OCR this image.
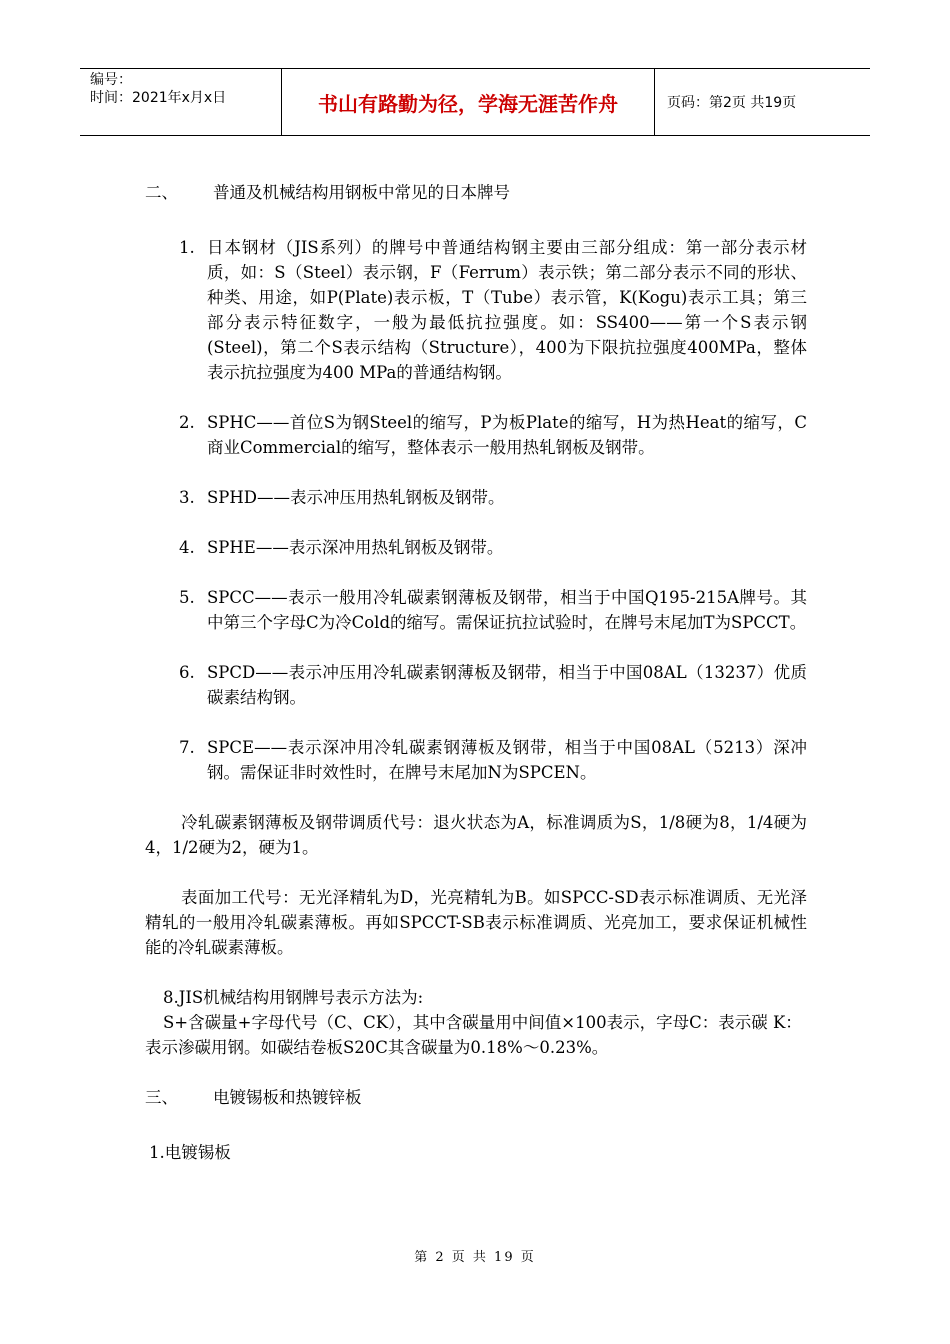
编号：
时间：2021年x月x日	书山有路勤为径，学海无涯苦作舟	页码：第2页 共19页
二、	普通及机械结构用钢板中常见的日本牌号
1. 日本钢材（JIS系列）的牌号中普通结构钢主要由三部分组成：第一部分表示材质，如：S（Steel）表示钢，F（Ferrum）表示铁；第二部分表示不同的形状、种类、用途，如P(Plate)表示板，T（Tube）表示管，K(Kogu)表示工具；第三部分表示特征数字，一般为最低抗拉强度。如：SS400——第一个S表示钢(Steel)，第二个S表示结构（Structure），400为下限抗拉强度400MPa，整体表示抗拉强度为400 MPa的普通结构钢。
2. SPHC——首位S为钢Steel的缩写，P为板Plate的缩写，H为热Heat的缩写，C商业Commercial的缩写，整体表示一般用热轧钢板及钢带。
3. SPHD——表示冲压用热轧钢板及钢带。
4. SPHE——表示深冲用热轧钢板及钢带。
5. SPCC——表示一般用冷轧碳素钢薄板及钢带，相当于中国Q195-215A牌号。其中第三个字母C为冷Cold的缩写。需保证抗拉试验时，在牌号末尾加T为SPCCT。
6. SPCD——表示冲压用冷轧碳素钢薄板及钢带，相当于中国08AL（13237）优质碳素结构钢。
7. SPCE——表示深冲用冷轧碳素钢薄板及钢带，相当于中国08AL（5213）深冲钢。需保证非时效性时，在牌号末尾加N为SPCEN。
冷轧碳素钢薄板及钢带调质代号：退火状态为A，标准调质为S，1/8硬为8，1/4硬为4，1/2硬为2，硬为1。
表面加工代号：无光泽精轧为D，光亮精轧为B。如SPCC-SD表示标准调质、无光泽精轧的一般用冷轧碳素薄板。再如SPCCT-SB表示标准调质、光亮加工，要求保证机械性能的冷轧碳素薄板。
8.JIS机械结构用钢牌号表示方法为:
S+含碳量+字母代号（C、CK），其中含碳量用中间值×100表示，字母C：表示碳 K：表示渗碳用钢。如碳结卷板S20C其含碳量为0.18%～0.23%。
三、	电镀锡板和热镀锌板
1.电镀锡板
第 2 页 共 19 页
